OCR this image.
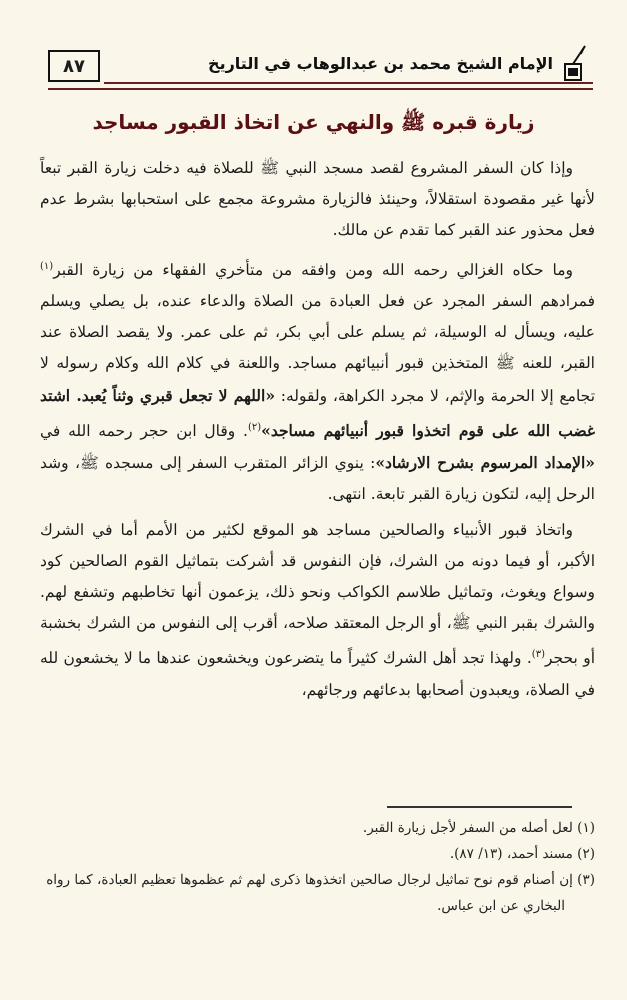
٨٧	الإمام الشيخ محمد بن عبدالوهاب في التاريخ
زيارة قبره ﷺ والنهي عن اتخاذ القبور مساجد

وإذا كان السفر المشروع لقصد مسجد النبي ﷺ للصلاة فيه دخلت زيارة القبر تبعاً لأنها غير مقصودة استقلالاً، وحينئذ فالزيارة مشروعة مجمع على استحبابها بشرط عدم فعل محذور عند القبر كما تقدم عن مالك.

وما حكاه الغزالي رحمه الله ومن وافقه من متأخري الفقهاء من زيارة القبر$^{(١)}$ فمرادهم السفر المجرد عن فعل العبادة من الصلاة والدعاء عنده، بل يصلي ويسلم عليه، ويسأل له الوسيلة، ثم يسلم على أبي بكر، ثم على عمر. ولا يقصد الصلاة عند القبر، للعنه ﷺ المتخذين قبور أنبيائهم مساجد. واللعنة في كلام الله وكلام رسوله لا تجامع إلا الحرمة والإثم، لا مجرد الكراهة، ولقوله: «اللهم لا تجعل قبري وثناً يُعبد. اشتد غضب الله على قوم اتخذوا قبور أنبيائهم مساجد»$^{(٢)}$. وقال ابن حجر رحمه الله في «الإمداد المرسوم بشرح الارشاد»: ينوي الزائر المتقرب السفر إلى مسجده ﷺ، وشد الرحل إليه، لتكون زيارة القبر تابعة. انتهى.

واتخاذ قبور الأنبياء والصالحين مساجد هو الموقع لكثير من الأمم أما في الشرك الأكبر، أو فيما دونه من الشرك، فإن النفوس قد أشركت بتماثيل القوم الصالحين كود وسواع ويغوث، وتماثيل طلاسم الكواكب ونحو ذلك، يزعمون أنها تخاطبهم وتشفع لهم. والشرك بقبر النبي ﷺ، أو الرجل المعتقد صلاحه، أقرب إلى النفوس من الشرك بخشبة أو بحجر$^{(٣)}$. ولهذا تجد أهل الشرك كثيراً ما يتضرعون ويخشعون عندها ما لا يخشعون لله في الصلاة، ويعبدون أصحابها بدعائهم ورجائهم،

(١) لعل أصله من السفر لأجل زيارة القبر.

(٢) مسند أحمد، (١٣/ ٨٧).

(٣) إن أصنام قوم نوح تماثيل لرجال صالحين اتخذوها ذكرى لهم ثم عظموها تعظيم العبادة، كما رواه

البخاري عن ابن عباس.
